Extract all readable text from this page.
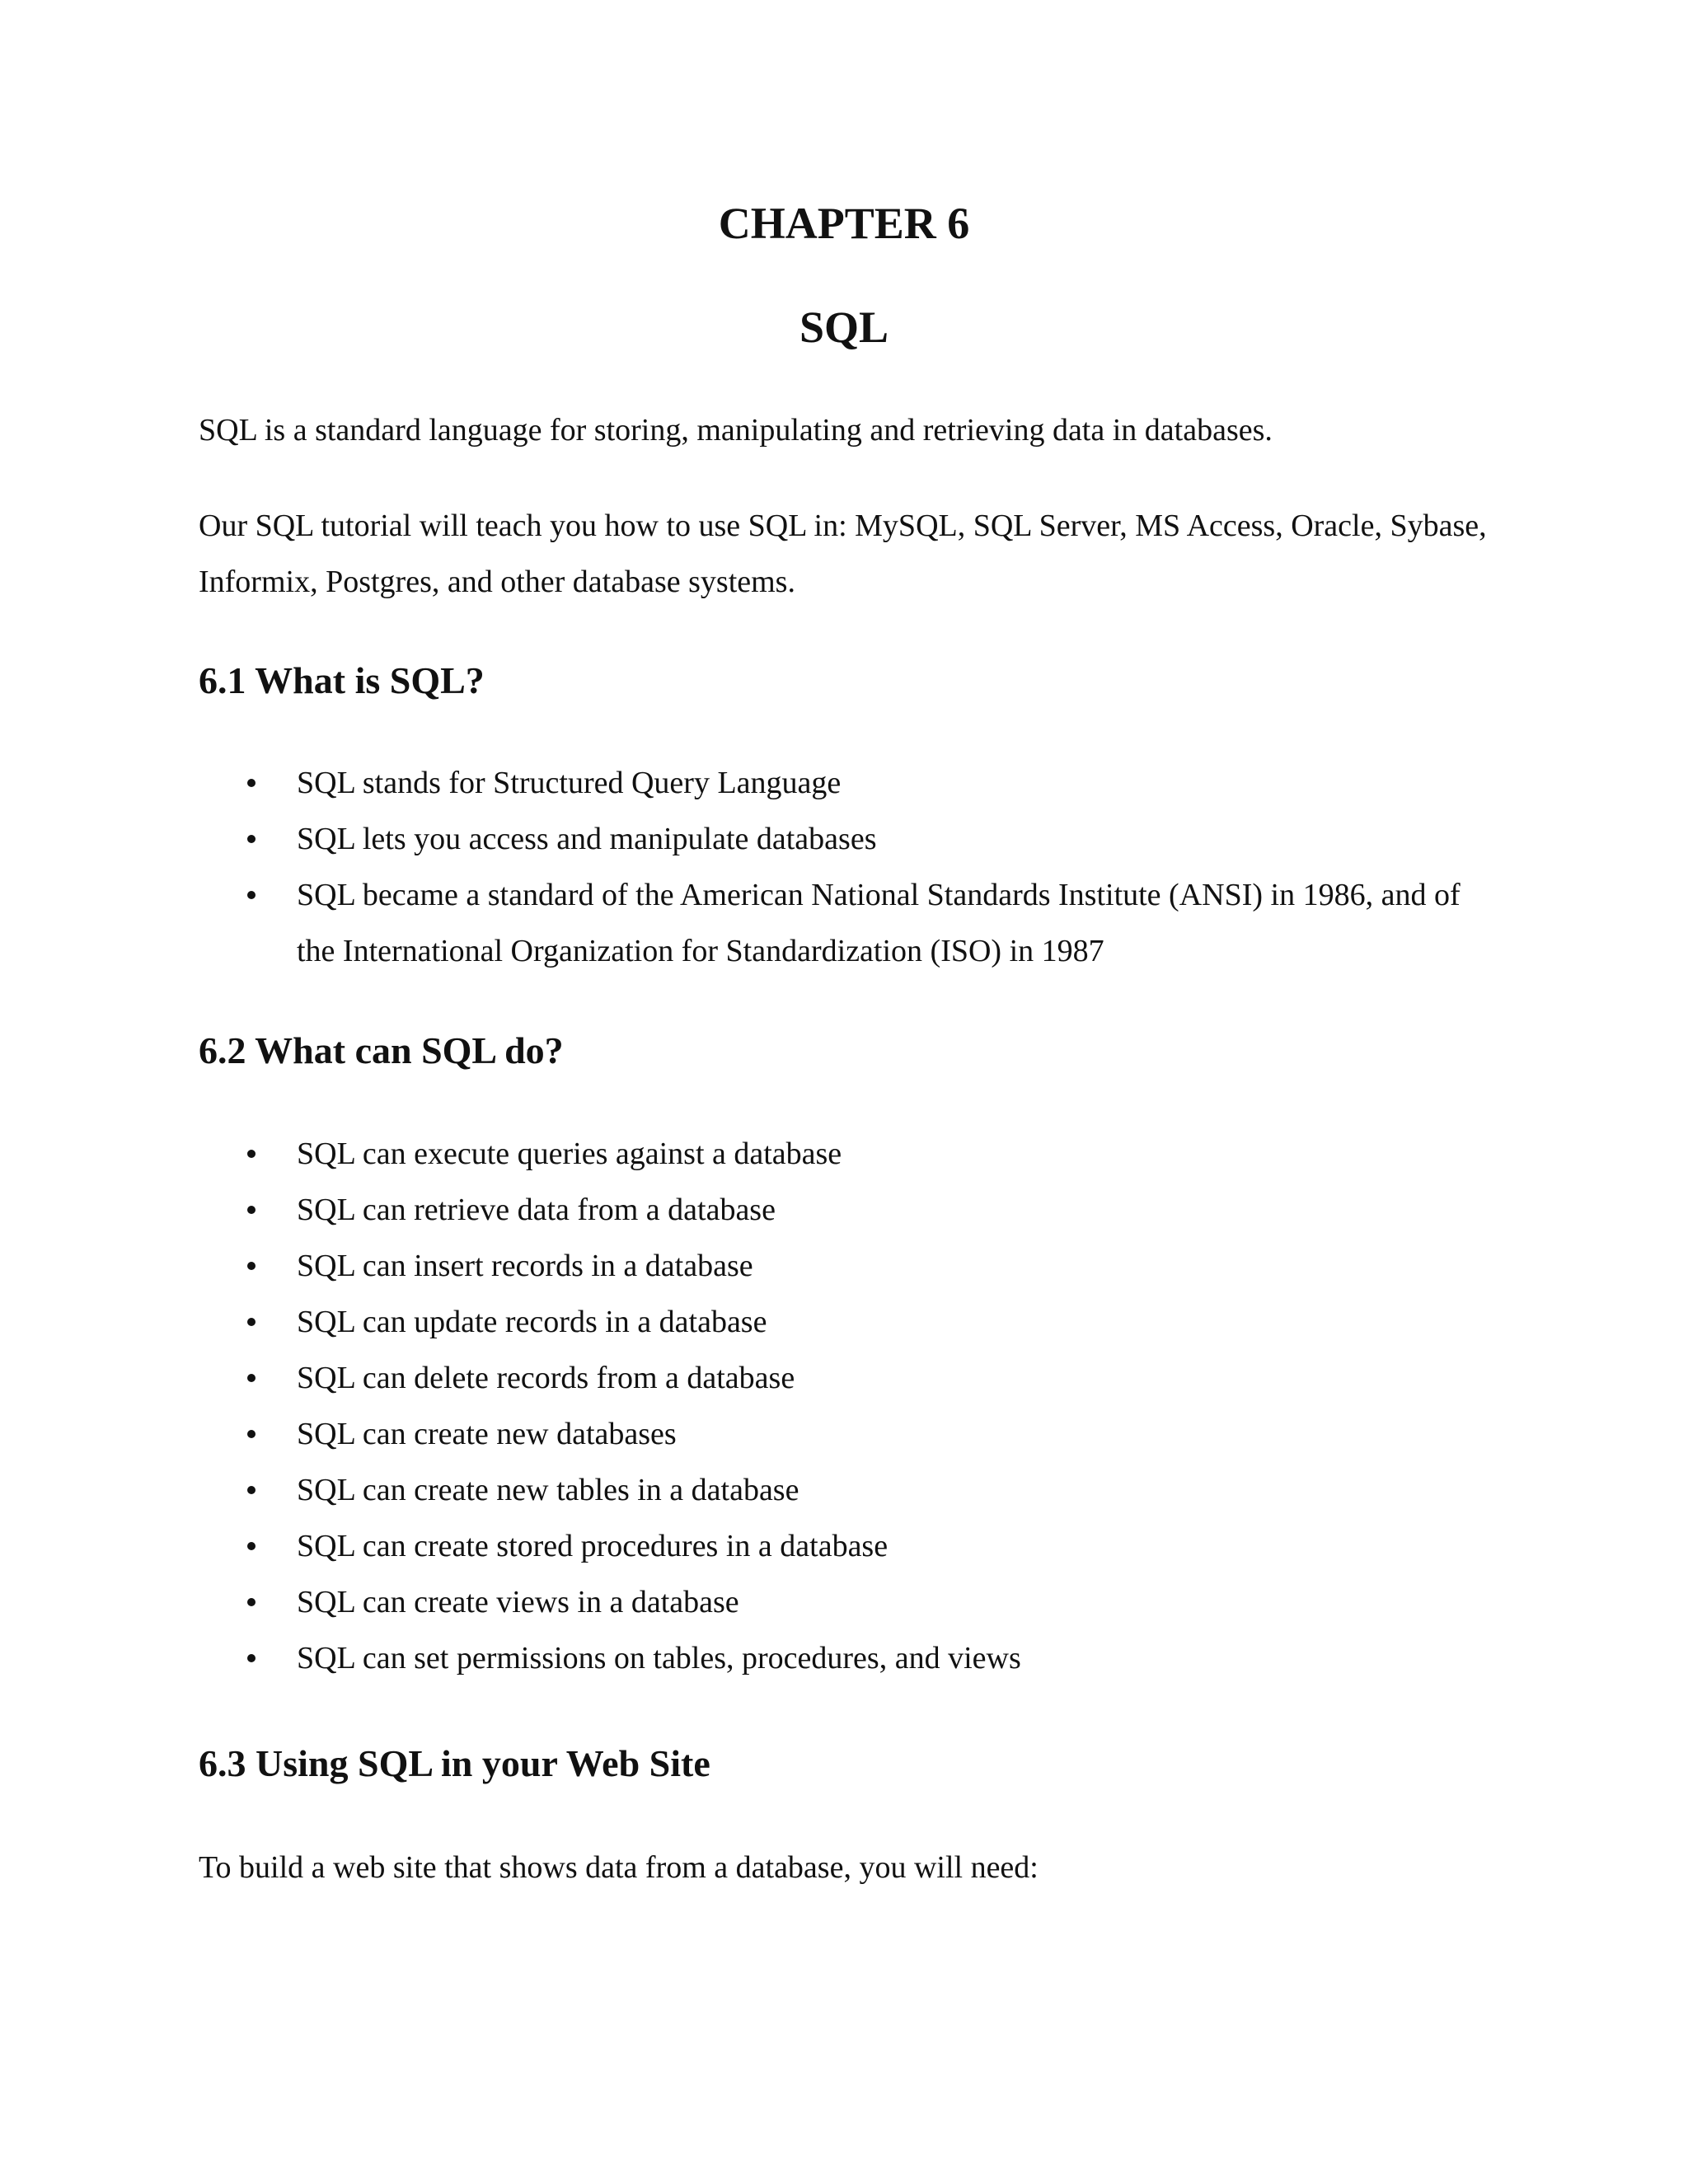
CHAPTER 6
SQL

SQL is a standard language for storing, manipulating and retrieving data in databases.

Our SQL tutorial will teach you how to use SQL in: MySQL, SQL Server, MS Access, Oracle, Sybase, Informix, Postgres, and other database systems.

6.1 What is SQL?
SQL stands for Structured Query Language
SQL lets you access and manipulate databases
SQL became a standard of the American National Standards Institute (ANSI) in 1986, and of the International Organization for Standardization (ISO) in 1987
6.2 What can SQL do?
SQL can execute queries against a database
SQL can retrieve data from a database
SQL can insert records in a database
SQL can update records in a database
SQL can delete records from a database
SQL can create new databases
SQL can create new tables in a database
SQL can create stored procedures in a database
SQL can create views in a database
SQL can set permissions on tables, procedures, and views
6.3 Using SQL in your Web Site

To build a web site that shows data from a database, you will need:
